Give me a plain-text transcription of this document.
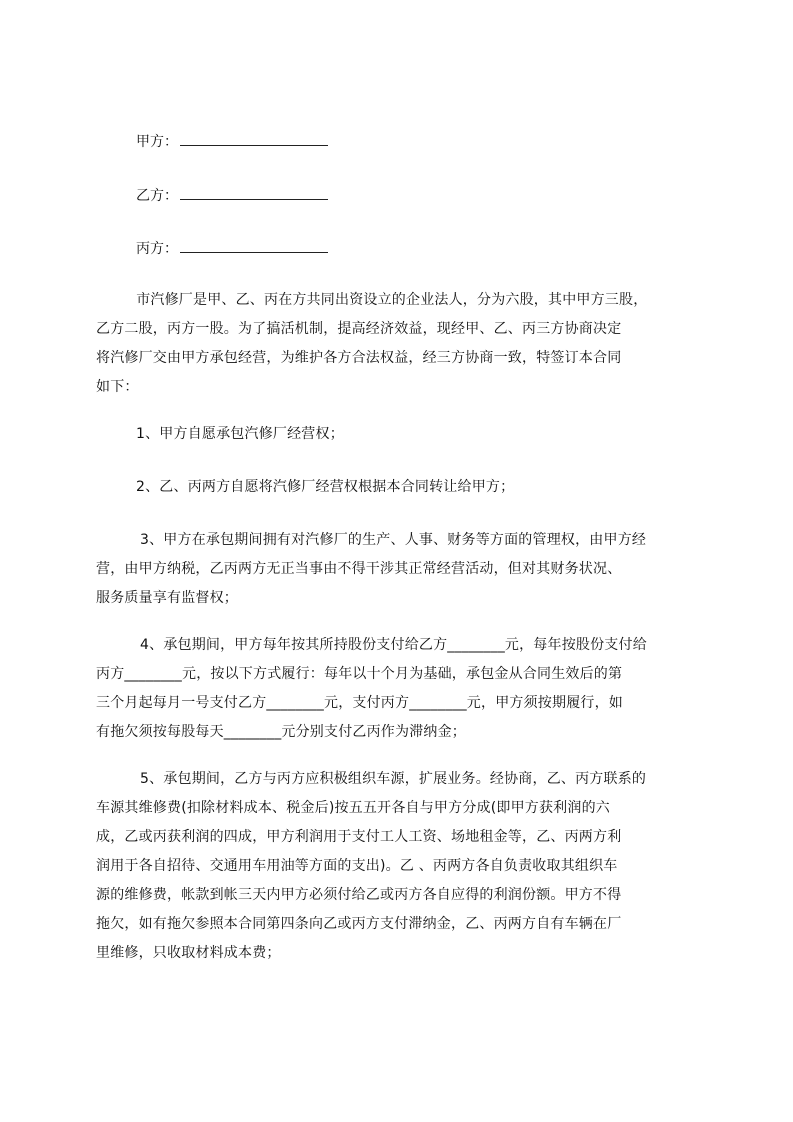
甲方：
乙方：
丙方：
　市汽修厂是甲、乙、丙在方共同出资设立的企业法人，分为六股，其中甲方三股，
乙方二股，丙方一股。为了搞活机制，提高经济效益，现经甲、乙、丙三方协商决定
将汽修厂交由甲方承包经营，为维护各方合法权益，经三方协商一致，特签订本合同
如下：
1、甲方自愿承包汽修厂经营权；
2、乙、丙两方自愿将汽修厂经营权根据本合同转让给甲方；
3、甲方在承包期间拥有对汽修厂的生产、人事、财务等方面的管理权，由甲方经
营，由甲方纳税，乙丙两方无正当事由不得干涉其正常经营活动，但对其财务状况、
服务质量享有监督权；
4、承包期间，甲方每年按其所持股份支付给乙方________元，每年按股份支付给
丙方________元，按以下方式履行：每年以十个月为基础，承包金从合同生效后的第
三个月起每月一号支付乙方________元，支付丙方________元，甲方须按期履行，如
有拖欠须按每股每天________元分别支付乙丙作为滞纳金；
5、承包期间，乙方与丙方应积极组织车源，扩展业务。经协商，乙、丙方联系的
车源其维修费(扣除材料成本、税金后)按五五开各自与甲方分成(即甲方获利润的六
成，乙或丙获利润的四成，甲方利润用于支付工人工资、场地租金等，乙、丙两方利
润用于各自招待、交通用车用油等方面的支出)。乙 、丙两方各自负责收取其组织车
源的维修费，帐款到帐三天内甲方必须付给乙或丙方各自应得的利润份额。甲方不得
拖欠，如有拖欠参照本合同第四条向乙或丙方支付滞纳金，乙、丙两方自有车辆在厂
里维修，只收取材料成本费；
